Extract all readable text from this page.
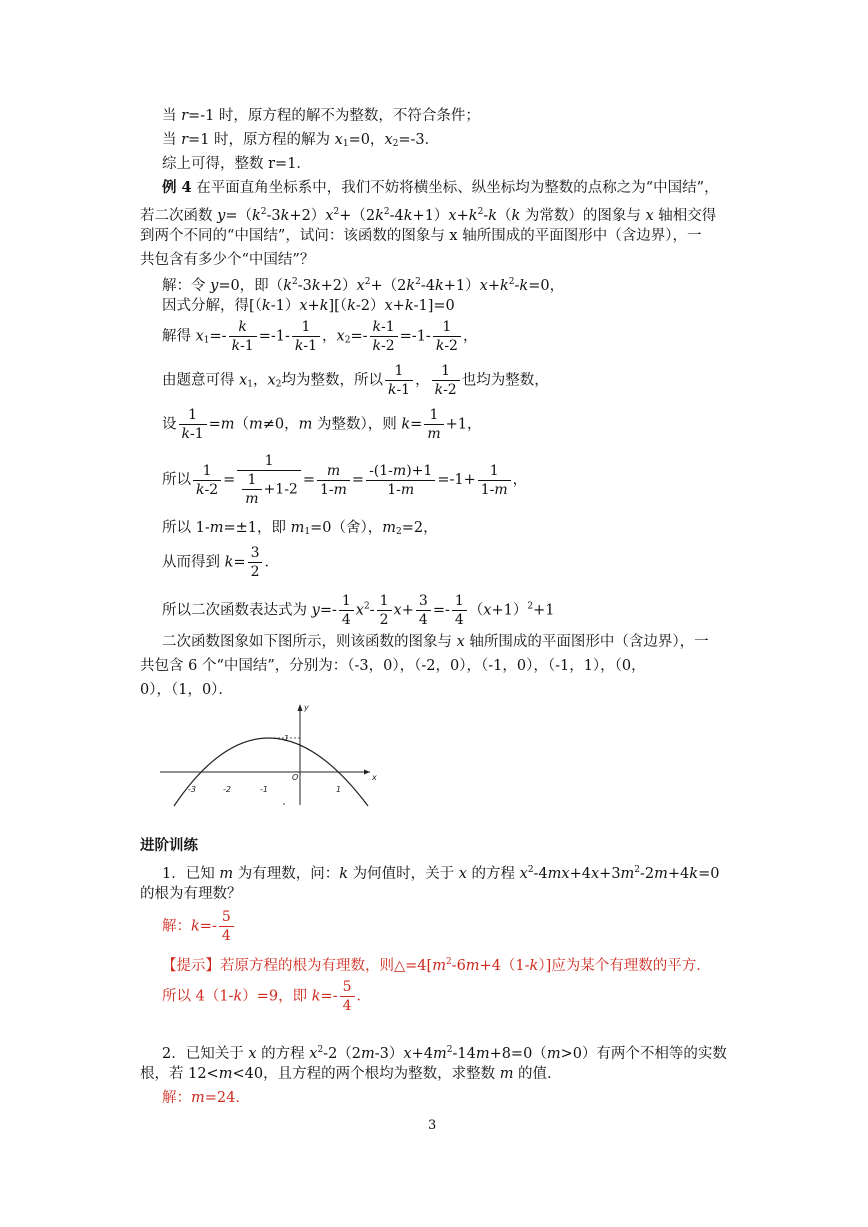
当 r=-1 时，原方程的解不为整数，不符合条件；
当 r=1 时，原方程的解为 $x_1=0$，$x_2=-3$．
综上可得，整数 r=1．
例 4 在平面直角坐标系中，我们不妨将横坐标、纵坐标均为整数的点称之为“中国结”，
若二次函数 $y=(k^2-3k+2)x^2+(2k^2-4k+1)x+k^2-k(k$ 为常数）的图象与 x 轴相交得
到两个不同的“中国结”，试问：该函数的图象与 x 轴所围成的平面图形中（含边界），一
共包含有多少个“中国结”？
解：令 y=0，即$(k^2-3k+2)x^2+(2k^2-4k+1)x+k^2-k=0$，
因式分解，得[（k-1）x+k][（k-2）x+k-1]=0
解得 $x_1=- \frac{k}{k-1} =-1- \frac{1}{k-1}$ ，$x_2=- \frac{k-1}{k-2} =-1- \frac{1}{k-2}$ ，
由题意可得 $x_1$，$x_2$均为整数，所以 $\frac{1}{k-1}$ ， $\frac{1}{k-2}$ 也均为整数，
设 $\frac{1}{k-1} =m(m\ne 0$，m 为整数），则 $k= \frac{1}{m} +1$，
所以 $\frac{1}{k-2} = \frac{1}{\frac{1}{m} +1-2} = \frac{m}{1-m} = \frac{-(1-m)+1}{1-m} =-1+ \frac{1}{1-m}$ ，
所以 1-m=±1，即 $m_1=0$（舍），$m_2=2$，
从而得到 $k= \frac{3}{2}$ ．
所以二次函数表达式为 $y=- \frac{1}{4} x^2- \frac{1}{2} x+ \frac{3}{4} =- \frac{1}{4} (x+1)^2+1$
二次函数图象如下图所示，则该函数的图象与 x 轴所围成的平面图形中（含边界），一
共包含 6 个“中国结”，分别为：（-3，0），（-2，0），（-1，0），（-1，1），（0，
0），（1，0）．
x
y
O
1
-3	-2	-1	1
进阶训练
1．已知 m 为有理数，问：k 为何值时，关于 x 的方程 $x^2-4mx+4x+3m^2-2m+4k=0$
的根为有理数？
解：$k=- \frac{5}{4}$
【提示】若原方程的根为有理数，则$\triangle=4[m^2-6m+4(1-k)]$应为某个有理数的平方．
所以 4（1-k）=9，即 $k=- \frac{5}{4}$ ．
2．已知关于 x 的方程 $x^2-2(2m-3)x+4m^2-14m+8=0(m>0)$有两个不相等的实数
根，若 12<m<40，且方程的两个根均为整数，求整数 m 的值．
解：m=24．
3
